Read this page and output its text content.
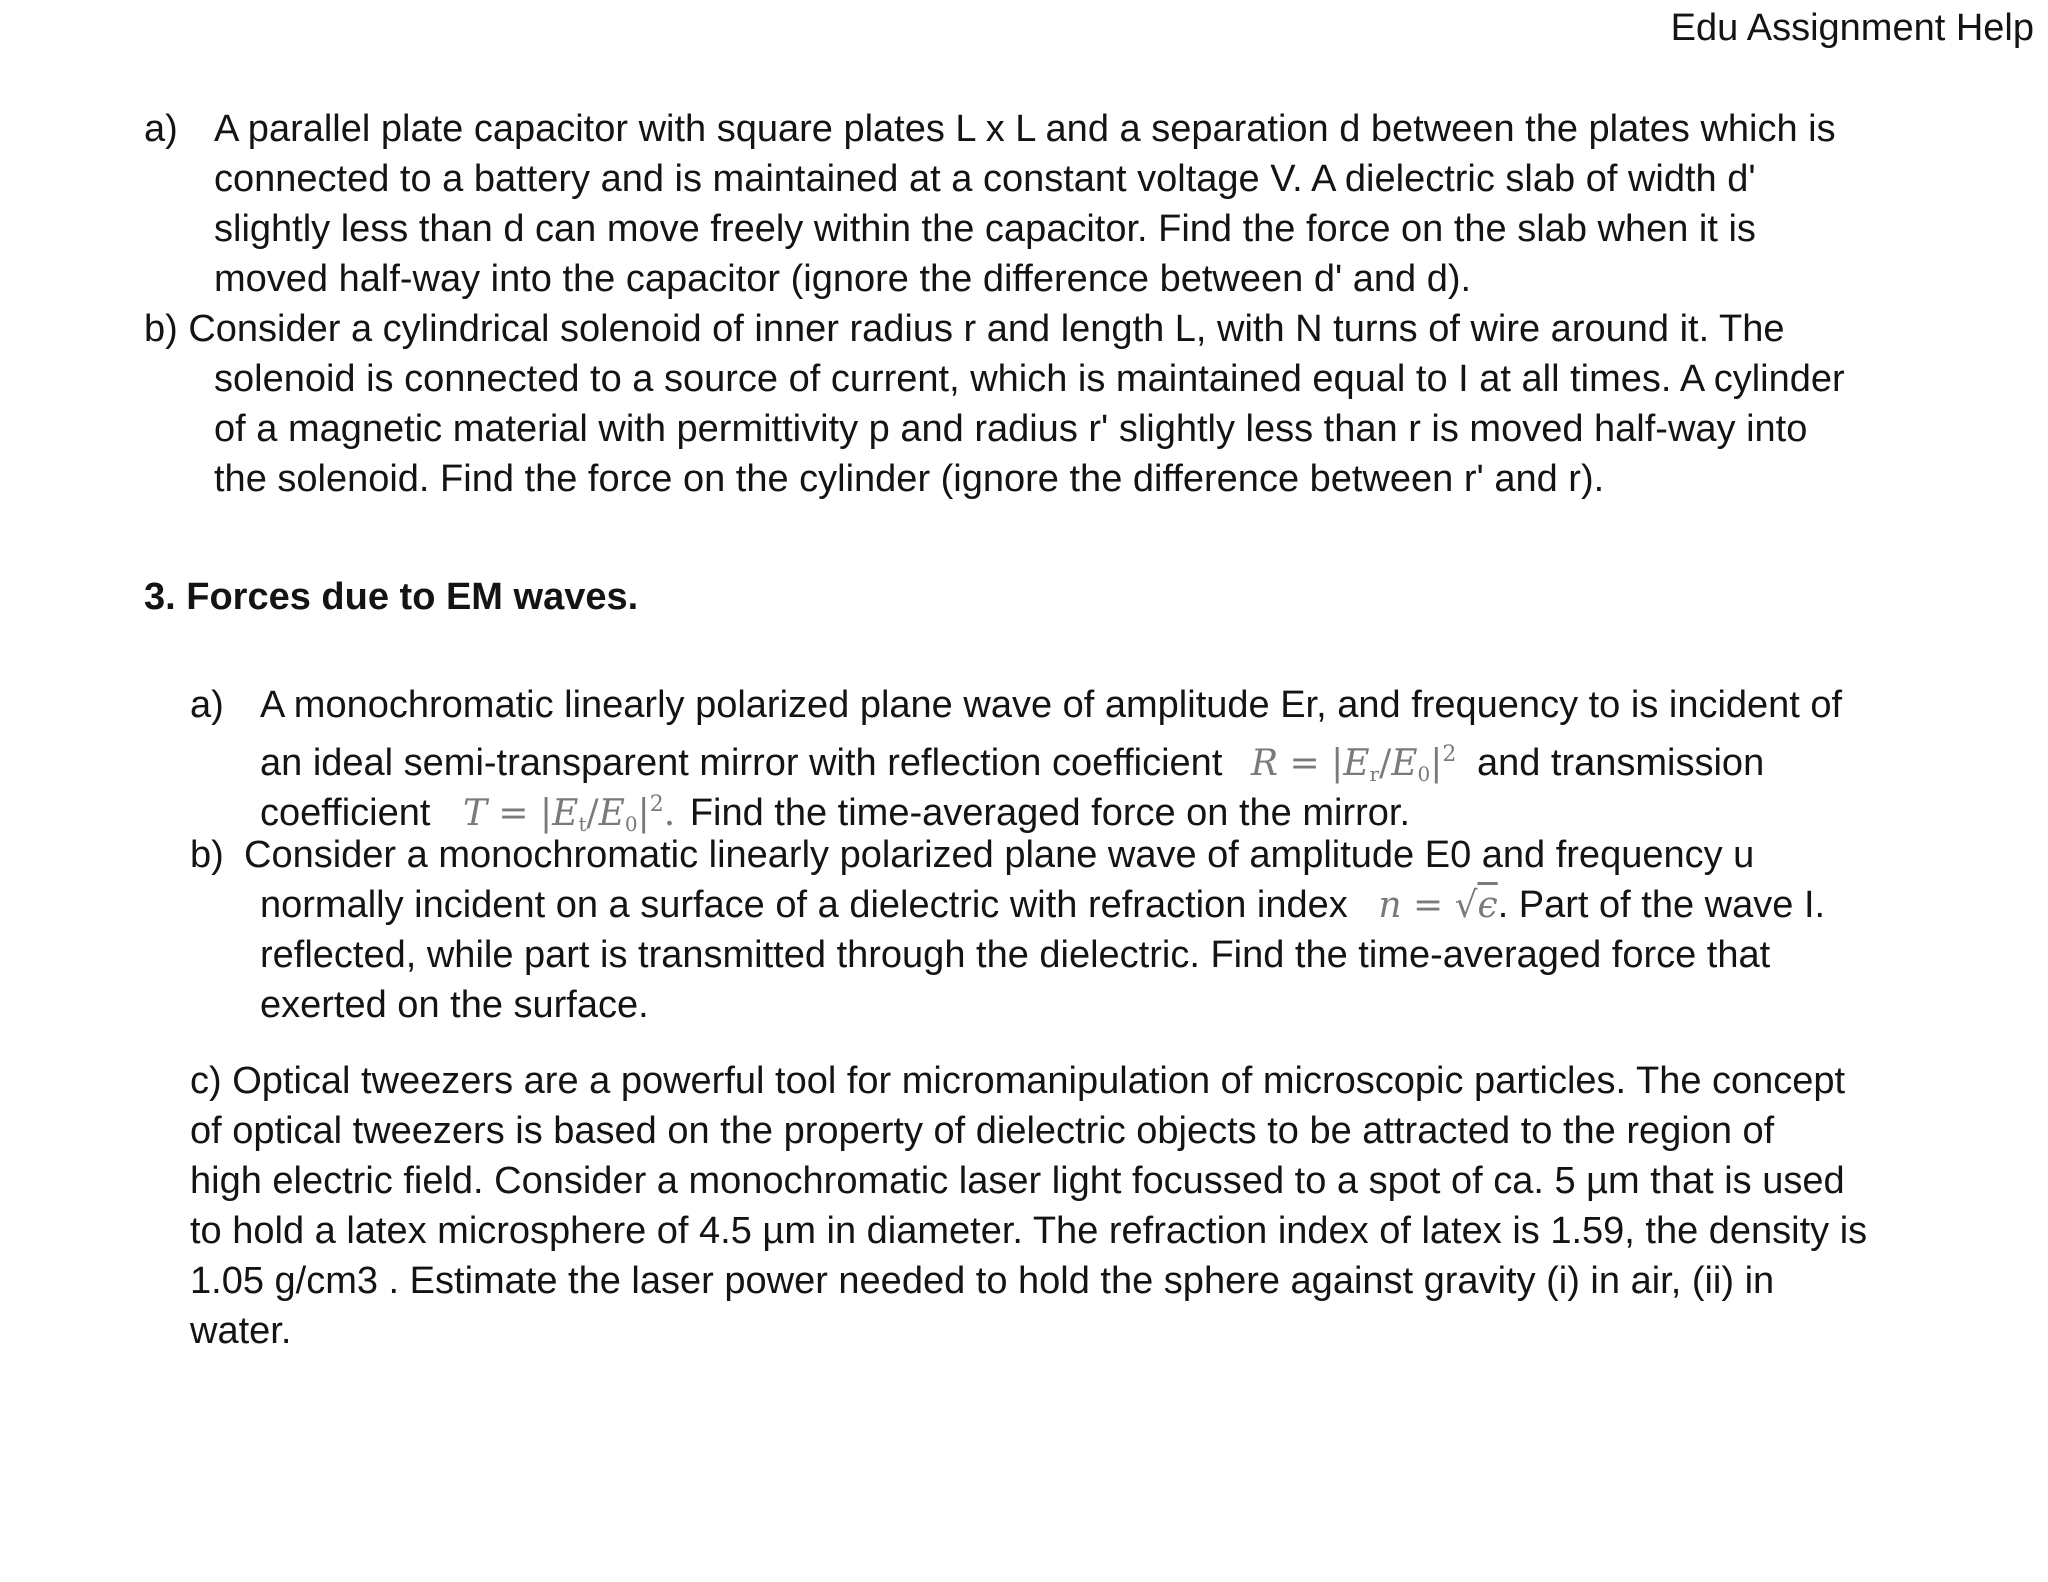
Edu Assignment Help
a) A parallel plate capacitor with square plates L x L and a separation d between the plates which is
connected to a battery and is maintained at a constant voltage V. A dielectric slab of width d'
slightly less than d can move freely within the capacitor. Find the force on the slab when it is
moved half-way into the capacitor (ignore the difference between d' and d).
b) Consider a cylindrical solenoid of inner radius r and length L, with N turns of wire around it. The
solenoid is connected to a source of current, which is maintained equal to I at all times. A cylinder
of a magnetic material with permittivity p and radius r' slightly less than r is moved half-way into
the solenoid. Find the force on the cylinder (ignore the difference between r' and r).
3. Forces due to EM waves.
a) A monochromatic linearly polarized plane wave of amplitude Er, and frequency to is incident of
an ideal semi-transparent mirror with reflection coefficient $R = |E_r/E_0|^2$ and transmission
coefficient $T = |E_t/E_0|^2$. Find the time-averaged force on the mirror.
b) Consider a monochromatic linearly polarized plane wave of amplitude E0 and frequency u
normally incident on a surface of a dielectric with refraction index n = √ϵ. Part of the wave I.
reflected, while part is transmitted through the dielectric. Find the time-averaged force that
exerted on the surface.
c) Optical tweezers are a powerful tool for micromanipulation of microscopic particles. The concept
of optical tweezers is based on the property of dielectric objects to be attracted to the region of
high electric field. Consider a monochromatic laser light focussed to a spot of ca. 5 µm that is used
to hold a latex microsphere of 4.5 µm in diameter. The refraction index of latex is 1.59, the density is
1.05 g/cm3 . Estimate the laser power needed to hold the sphere against gravity (i) in air, (ii) in
water.
